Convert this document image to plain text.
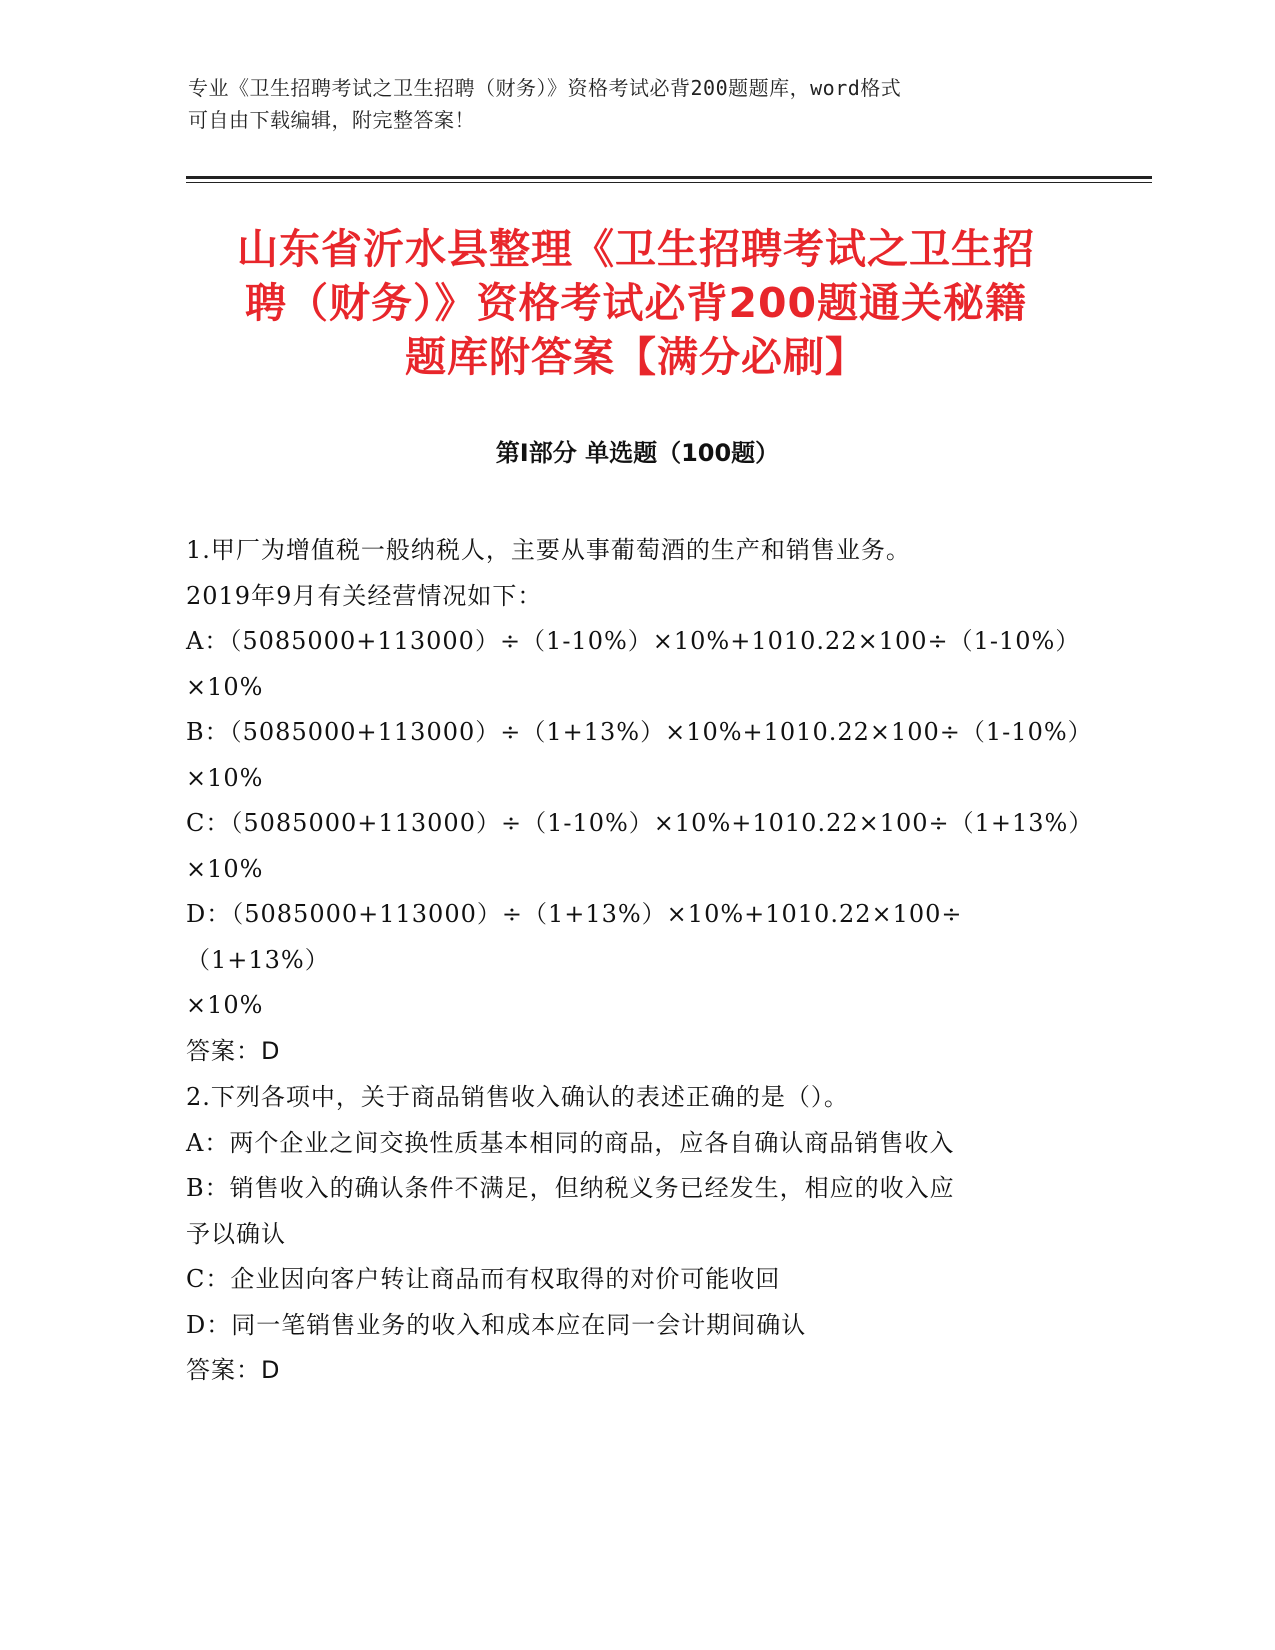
专业《卫生招聘考试之卫生招聘（财务）》资格考试必背200题题库，word格式
可自由下载编辑，附完整答案！
山东省沂水县整理《卫生招聘考试之卫生招
聘（财务）》资格考试必背200题通关秘籍
题库附答案【满分必刷】
第Ⅰ部分 单选题（100题）
1.甲厂为增值税一般纳税人，主要从事葡萄酒的生产和销售业务。
2019年9月有关经营情况如下：
A：（5085000+113000）÷（1-10%）×10%+1010.22×100÷（1-10%）
×10%
B：（5085000+113000）÷（1+13%）×10%+1010.22×100÷（1-10%）
×10%
C：（5085000+113000）÷（1-10%）×10%+1010.22×100÷（1+13%）
×10%
D：（5085000+113000）÷（1+13%）×10%+1010.22×100÷（1+13%）
×10%
答案：D
2.下列各项中，关于商品销售收入确认的表述正确的是（）。
A：两个企业之间交换性质基本相同的商品，应各自确认商品销售收入
B：销售收入的确认条件不满足，但纳税义务已经发生，相应的收入应
予以确认
C：企业因向客户转让商品而有权取得的对价可能收回
D：同一笔销售业务的收入和成本应在同一会计期间确认
答案：D
